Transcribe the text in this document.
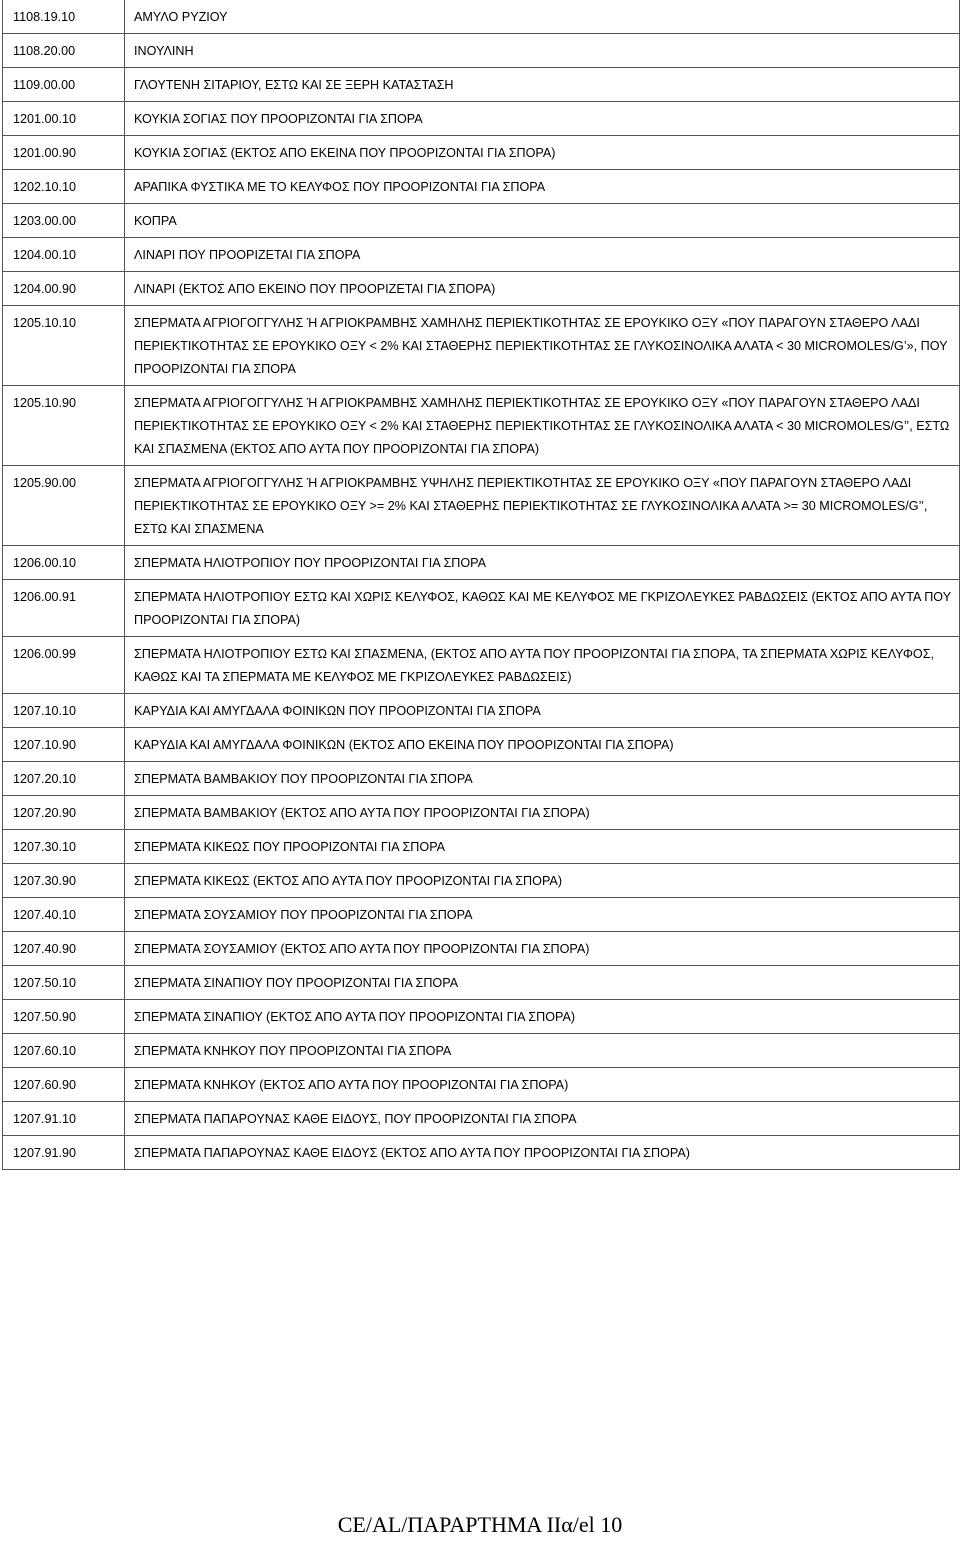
1108.19.10	ΑΜΥΛΟ ΡΥΖΙΟΥ
1108.20.00	ΙΝΟΥΛΙΝΗ
1109.00.00	ΓΛΟΥΤΕΝΗ ΣΙΤΑΡΙΟΥ, ΕΣΤΩ ΚΑΙ ΣΕ ΞΕΡΗ ΚΑΤΑΣΤΑΣΗ
1201.00.10	ΚΟΥΚΙΑ ΣΟΓΙΑΣ ΠΟΥ ΠΡΟΟΡΙΖΟΝΤΑΙ ΓΙΑ ΣΠΟΡΑ
1201.00.90	ΚΟΥΚΙΑ ΣΟΓΙΑΣ (ΕΚΤΟΣ ΑΠΟ ΕΚΕΙΝΑ ΠΟΥ ΠΡΟΟΡΙΖΟΝΤΑΙ ΓΙΑ ΣΠΟΡΑ)
1202.10.10	ΑΡΑΠΙΚΑ ΦΥΣΤΙΚΑ ΜΕ ΤΟ ΚΕΛΥΦΟΣ ΠΟΥ ΠΡΟΟΡΙΖΟΝΤΑΙ ΓΙΑ ΣΠΟΡΑ
1203.00.00	ΚΟΠΡΑ
1204.00.10	ΛΙΝΑΡΙ ΠΟΥ ΠΡΟΟΡΙΖΕΤΑΙ ΓΙΑ ΣΠΟΡΑ
1204.00.90	ΛΙΝΑΡΙ (ΕΚΤΟΣ ΑΠΟ ΕΚΕΙΝΟ ΠΟΥ ΠΡΟΟΡΙΖΕΤΑΙ ΓΙΑ ΣΠΟΡΑ)
1205.10.10	ΣΠΕΡΜΑΤΑ ΑΓΡΙΟΓΟΓΓΥΛΗΣ Ή ΑΓΡΙΟΚΡΑΜΒΗΣ ΧΑΜΗΛΗΣ ΠΕΡΙΕΚΤΙΚΟΤΗΤΑΣ ΣΕ ΕΡΟΥΚΙΚΟ ΟΞΥ «ΠΟΥ ΠΑΡΑΓΟΥΝ ΣΤΑΘΕΡΟ ΛΑΔΙ ΠΕΡΙΕΚΤΙΚΟΤΗΤΑΣ ΣΕ ΕΡΟΥΚΙΚΟ ΟΞΥ < 2% ΚΑΙ ΣΤΑΘΕΡΗΣ ΠΕΡΙΕΚΤΙΚΟΤΗΤΑΣ ΣΕ ΓΛΥΚΟΣΙΝΟΛΙΚΑ ΑΛΑΤΑ < 30 MICROMOLES/G’», ΠΟΥ ΠΡΟΟΡΙΖΟΝΤΑΙ ΓΙΑ ΣΠΟΡΑ
1205.10.90	ΣΠΕΡΜΑΤΑ ΑΓΡΙΟΓΟΓΓΥΛΗΣ Ή ΑΓΡΙΟΚΡΑΜΒΗΣ ΧΑΜΗΛΗΣ ΠΕΡΙΕΚΤΙΚΟΤΗΤΑΣ ΣΕ ΕΡΟΥΚΙΚΟ ΟΞΥ «ΠΟΥ ΠΑΡΑΓΟΥΝ ΣΤΑΘΕΡΟ ΛΑΔΙ ΠΕΡΙΕΚΤΙΚΟΤΗΤΑΣ ΣΕ ΕΡΟΥΚΙΚΟ ΟΞΥ < 2% ΚΑΙ ΣΤΑΘΕΡΗΣ ΠΕΡΙΕΚΤΙΚΟΤΗΤΑΣ ΣΕ ΓΛΥΚΟΣΙΝΟΛΙΚΑ ΑΛΑΤΑ < 30 MICROMOLES/G’’, ΕΣΤΩ ΚΑΙ ΣΠΑΣΜΕΝΑ (ΕΚΤΟΣ ΑΠΟ ΑΥΤΑ ΠΟΥ ΠΡΟΟΡΙΖΟΝΤΑΙ ΓΙΑ ΣΠΟΡΑ)
1205.90.00	ΣΠΕΡΜΑΤΑ ΑΓΡΙΟΓΟΓΓΥΛΗΣ Ή ΑΓΡΙΟΚΡΑΜΒΗΣ ΥΨΗΛΗΣ ΠΕΡΙΕΚΤΙΚΟΤΗΤΑΣ ΣΕ ΕΡΟΥΚΙΚΟ ΟΞΥ «ΠΟΥ ΠΑΡΑΓΟΥΝ ΣΤΑΘΕΡΟ ΛΑΔΙ ΠΕΡΙΕΚΤΙΚΟΤΗΤΑΣ ΣΕ ΕΡΟΥΚΙΚΟ ΟΞΥ >= 2% ΚΑΙ ΣΤΑΘΕΡΗΣ ΠΕΡΙΕΚΤΙΚΟΤΗΤΑΣ ΣΕ ΓΛΥΚΟΣΙΝΟΛΙΚΑ ΑΛΑΤΑ >= 30 MICROMOLES/G’’, ΕΣΤΩ ΚΑΙ ΣΠΑΣΜΕΝΑ
1206.00.10	ΣΠΕΡΜΑΤΑ ΗΛΙΟΤΡΟΠΙΟΥ ΠΟΥ ΠΡΟΟΡΙΖΟΝΤΑΙ ΓΙΑ ΣΠΟΡΑ
1206.00.91	ΣΠΕΡΜΑΤΑ ΗΛΙΟΤΡΟΠΙΟΥ ΕΣΤΩ ΚΑΙ ΧΩΡΙΣ ΚΕΛΥΦΟΣ, ΚΑΘΩΣ ΚΑΙ ΜΕ ΚΕΛΥΦΟΣ ΜΕ ΓΚΡΙΖΟΛΕΥΚΕΣ ΡΑΒΔΩΣΕΙΣ (ΕΚΤΟΣ ΑΠΟ ΑΥΤΑ ΠΟΥ ΠΡΟΟΡΙΖΟΝΤΑΙ ΓΙΑ ΣΠΟΡΑ)
1206.00.99	ΣΠΕΡΜΑΤΑ ΗΛΙΟΤΡΟΠΙΟΥ ΕΣΤΩ ΚΑΙ ΣΠΑΣΜΕΝΑ, (ΕΚΤΟΣ ΑΠΟ ΑΥΤΑ ΠΟΥ ΠΡΟΟΡΙΖΟΝΤΑΙ ΓΙΑ ΣΠΟΡΑ, ΤΑ ΣΠΕΡΜΑΤΑ ΧΩΡΙΣ ΚΕΛΥΦΟΣ, ΚΑΘΩΣ ΚΑΙ ΤΑ ΣΠΕΡΜΑΤΑ ΜΕ ΚΕΛΥΦΟΣ ΜΕ ΓΚΡΙΖΟΛΕΥΚΕΣ ΡΑΒΔΩΣΕΙΣ)
1207.10.10	ΚΑΡΥΔΙΑ ΚΑΙ ΑΜΥΓΔΑΛΑ ΦΟΙΝΙΚΩΝ ΠΟΥ ΠΡΟΟΡΙΖΟΝΤΑΙ ΓΙΑ ΣΠΟΡΑ
1207.10.90	ΚΑΡΥΔΙΑ ΚΑΙ ΑΜΥΓΔΑΛΑ ΦΟΙΝΙΚΩΝ (ΕΚΤΟΣ ΑΠΟ ΕΚΕΙΝΑ ΠΟΥ ΠΡΟΟΡΙΖΟΝΤΑΙ ΓΙΑ ΣΠΟΡΑ)
1207.20.10	ΣΠΕΡΜΑΤΑ ΒΑΜΒΑΚΙΟΥ ΠΟΥ ΠΡΟΟΡΙΖΟΝΤΑΙ ΓΙΑ ΣΠΟΡΑ
1207.20.90	ΣΠΕΡΜΑΤΑ ΒΑΜΒΑΚΙΟΥ (ΕΚΤΟΣ ΑΠΟ ΑΥΤΑ ΠΟΥ ΠΡΟΟΡΙΖΟΝΤΑΙ ΓΙΑ ΣΠΟΡΑ)
1207.30.10	ΣΠΕΡΜΑΤΑ ΚΙΚΕΩΣ ΠΟΥ ΠΡΟΟΡΙΖΟΝΤΑΙ ΓΙΑ ΣΠΟΡΑ
1207.30.90	ΣΠΕΡΜΑΤΑ ΚΙΚΕΩΣ (ΕΚΤΟΣ ΑΠΟ ΑΥΤΑ ΠΟΥ ΠΡΟΟΡΙΖΟΝΤΑΙ ΓΙΑ ΣΠΟΡΑ)
1207.40.10	ΣΠΕΡΜΑΤΑ ΣΟΥΣΑΜΙΟΥ ΠΟΥ ΠΡΟΟΡΙΖΟΝΤΑΙ ΓΙΑ ΣΠΟΡΑ
1207.40.90	ΣΠΕΡΜΑΤΑ ΣΟΥΣΑΜΙΟΥ (ΕΚΤΟΣ ΑΠΟ ΑΥΤΑ ΠΟΥ ΠΡΟΟΡΙΖΟΝΤΑΙ ΓΙΑ ΣΠΟΡΑ)
1207.50.10	ΣΠΕΡΜΑΤΑ ΣΙΝΑΠΙΟΥ ΠΟΥ ΠΡΟΟΡΙΖΟΝΤΑΙ ΓΙΑ ΣΠΟΡΑ
1207.50.90	ΣΠΕΡΜΑΤΑ ΣΙΝΑΠΙΟΥ (ΕΚΤΟΣ ΑΠΟ ΑΥΤΑ ΠΟΥ ΠΡΟΟΡΙΖΟΝΤΑΙ ΓΙΑ ΣΠΟΡΑ)
1207.60.10	ΣΠΕΡΜΑΤΑ ΚΝΗΚΟΥ ΠΟΥ ΠΡΟΟΡΙΖΟΝΤΑΙ ΓΙΑ ΣΠΟΡΑ
1207.60.90	ΣΠΕΡΜΑΤΑ ΚΝΗΚΟΥ (ΕΚΤΟΣ ΑΠΟ ΑΥΤΑ ΠΟΥ ΠΡΟΟΡΙΖΟΝΤΑΙ ΓΙΑ ΣΠΟΡΑ)
1207.91.10	ΣΠΕΡΜΑΤΑ ΠΑΠΑΡΟΥΝΑΣ ΚΑΘΕ ΕΙΔΟΥΣ, ΠΟΥ ΠΡΟΟΡΙΖΟΝΤΑΙ ΓΙΑ ΣΠΟΡΑ
1207.91.90	ΣΠΕΡΜΑΤΑ ΠΑΠΑΡΟΥΝΑΣ ΚΑΘΕ ΕΙΔΟΥΣ (ΕΚΤΟΣ ΑΠΟ ΑΥΤΑ ΠΟΥ ΠΡΟΟΡΙΖΟΝΤΑΙ ΓΙΑ ΣΠΟΡΑ)
CE/AL/ΠΑΡΑΡΤΗΜΑ IIα/el 10
